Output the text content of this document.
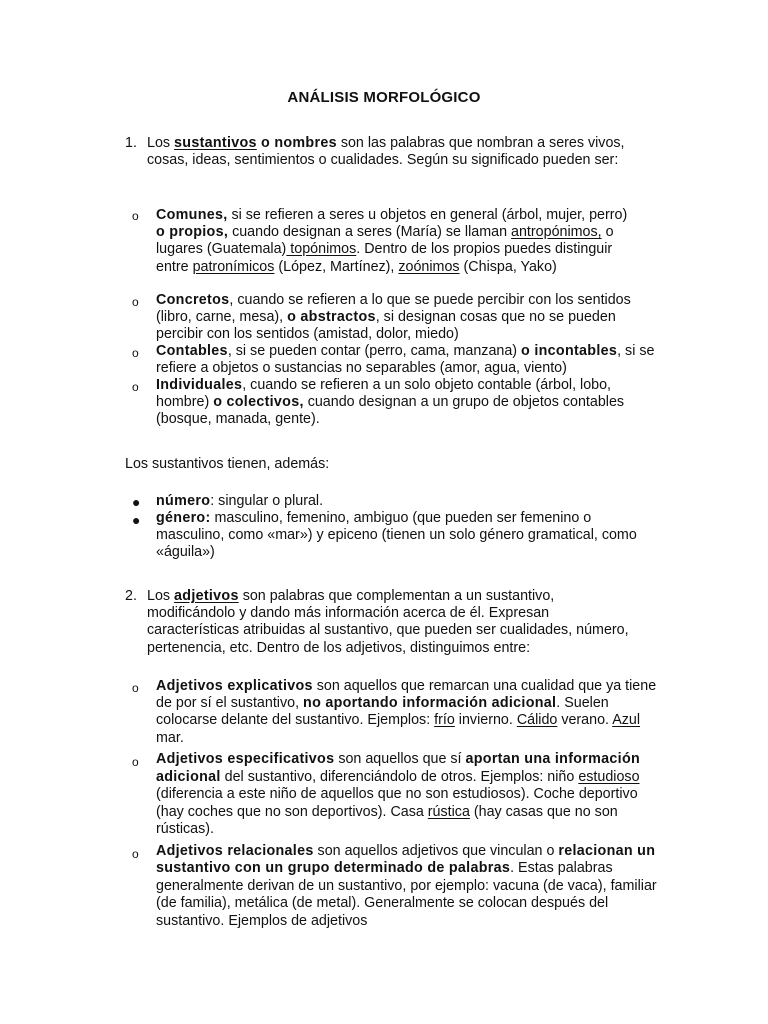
ANÁLISIS MORFOLÓGICO
1. Los sustantivos o nombres son las palabras que nombran a seres vivos, cosas, ideas, sentimientos o cualidades. Según su significado pueden ser:

o Comunes, si se refieren a seres u objetos en general (árbol, mujer, perro) o propios, cuando designan a seres (María) se llaman antropónimos, o lugares (Guatemala) topónimos. Dentro de los propios puedes distinguir entre patronímicos (López, Martínez), zoónimos (Chispa, Yako)

o Concretos, cuando se refieren a lo que se puede percibir con los sentidos (libro, carne, mesa), o abstractos, si designan cosas que no se pueden percibir con los sentidos (amistad, dolor, miedo)

o Contables, si se pueden contar (perro, cama, manzana) o incontables, si se refiere a objetos o sustancias no separables (amor, agua, viento)

o Individuales, cuando se refieren a un solo objeto contable (árbol, lobo, hombre) o colectivos, cuando designan a un grupo de objetos contables (bosque, manada, gente).

Los sustantivos tienen, además:

● número: singular o plural.

● género: masculino, femenino, ambiguo (que pueden ser femenino o masculino, como «mar») y epiceno (tienen un solo género gramatical, como «águila»)

2. Los adjetivos son palabras que complementan a un sustantivo, modificándolo y dando más información acerca de él. Expresan características atribuidas al sustantivo, que pueden ser cualidades, número, pertenencia, etc. Dentro de los adjetivos, distinguimos entre:

o Adjetivos explicativos son aquellos que remarcan una cualidad que ya tiene de por sí el sustantivo, no aportando información adicional. Suelen colocarse delante del sustantivo. Ejemplos: frío invierno. Cálido verano. Azul mar.

o Adjetivos especificativos son aquellos que sí aportan una información adicional del sustantivo, diferenciándolo de otros. Ejemplos: niño estudioso (diferencia a este niño de aquellos que no son estudiosos). Coche deportivo (hay coches que no son deportivos). Casa rústica (hay casas que no son rústicas).

o Adjetivos relacionales son aquellos adjetivos que vinculan o relacionan un sustantivo con un grupo determinado de palabras. Estas palabras generalmente derivan de un sustantivo, por ejemplo: vacuna (de vaca), familiar (de familia), metálica (de metal). Generalmente se colocan después del sustantivo. Ejemplos de adjetivos
